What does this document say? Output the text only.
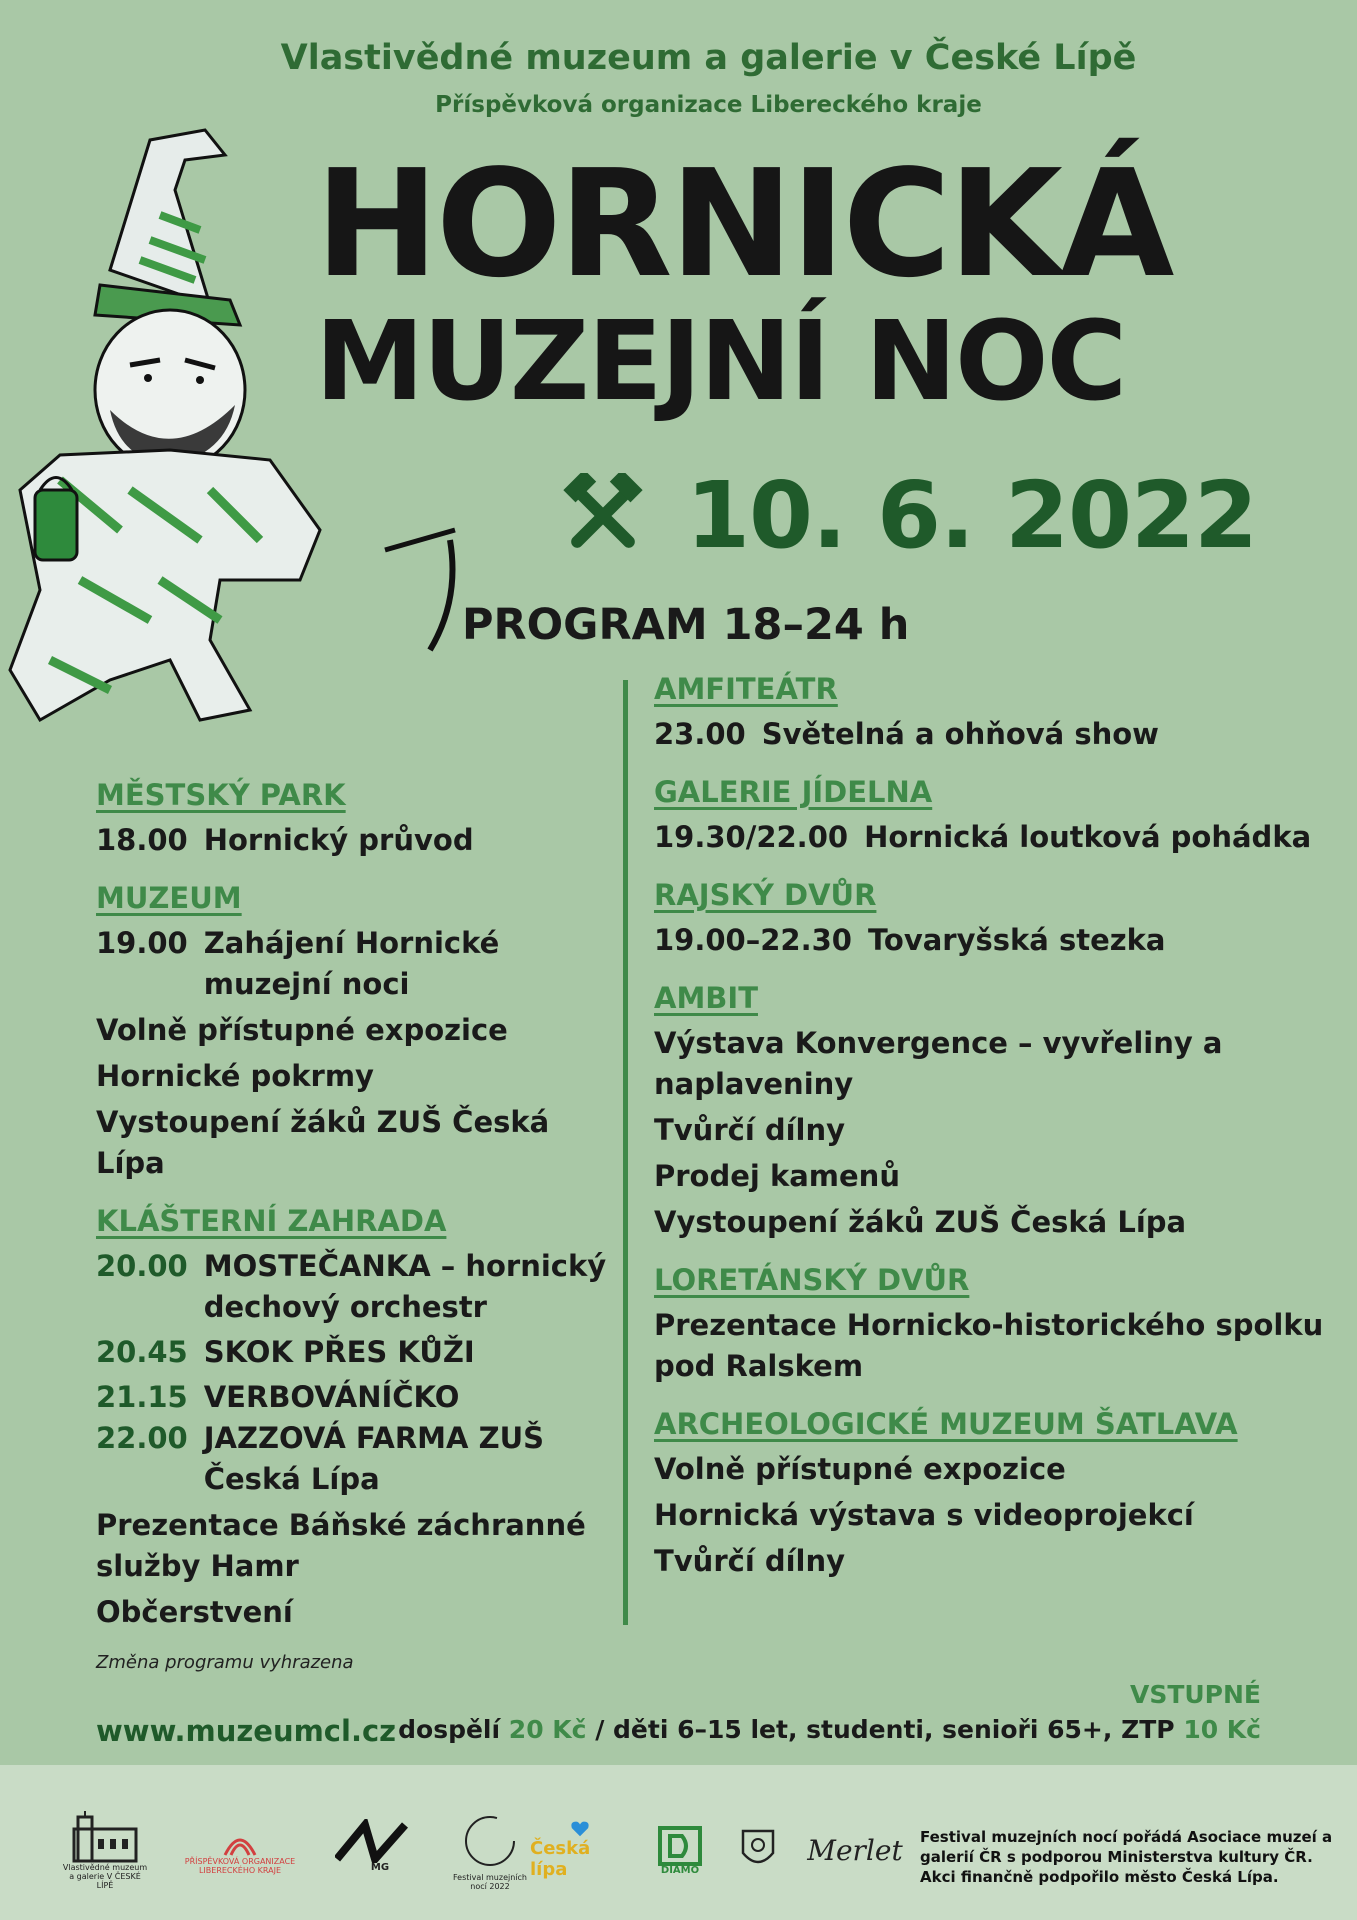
Vlastivědné muzeum a galerie v České Lípě
Příspěvková organizace Libereckého kraje
HORNICKÁ
MUZEJNÍ NOC
10. 6. 2022
PROGRAM 18–24 h
MĚSTSKÝ PARK
18.00 Hornický průvod
MUZEUM
19.00 Zahájení Hornické muzejní noci
Volně přístupné expozice
Hornické pokrmy
Vystoupení žáků ZUŠ Česká Lípa
KLÁŠTERNÍ ZAHRADA
20.00 MOSTEČANKA – hornický dechový orchestr
20.45 SKOK PŘES KŮŽI
21.15 VERBOVÁNÍČKO
22.00 JAZZOVÁ FARMA ZUŠ Česká Lípa
Prezentace Báňské záchranné služby Hamr
Občerstvení
AMFITEÁTR
23.00 Světelná a ohňová show
GALERIE JÍDELNA
19.30/22.00 Hornická loutková pohádka
RAJSKÝ DVŮR
19.00–22.30 Tovaryšská stezka
AMBIT
Výstava Konvergence – vyvřeliny a naplaveniny
Tvůrčí dílny
Prodej kamenů
Vystoupení žáků ZUŠ Česká Lípa
LORETÁNSKÝ DVŮR
Prezentace Hornicko-historického spolku pod Ralskem
ARCHEOLOGICKÉ MUZEUM ŠATLAVA
Volně přístupné expozice
Hornická výstava s videoprojekcí
Tvůrčí dílny
Změna programu vyhrazena
www.muzeumcl.cz
VSTUPNÉ
dospělí 20 Kč / děti 6–15 let, studenti, senioři 65+, ZTP 10 Kč
Vlastivědné muzeum a galerie V ČESKÉ LÍPĚ
PŘÍSPĚVKOVÁ ORGANIZACE LIBERECKÉHO KRAJE	MG
Festival muzejních nocí 2022
Česká lípa	DIAMO
Merlet Festival muzejních nocí pořádá Asociace muzeí a galerií ČR s podporou Ministerstva kultury ČR. Akci finančně podpořilo město Česká Lípa.
